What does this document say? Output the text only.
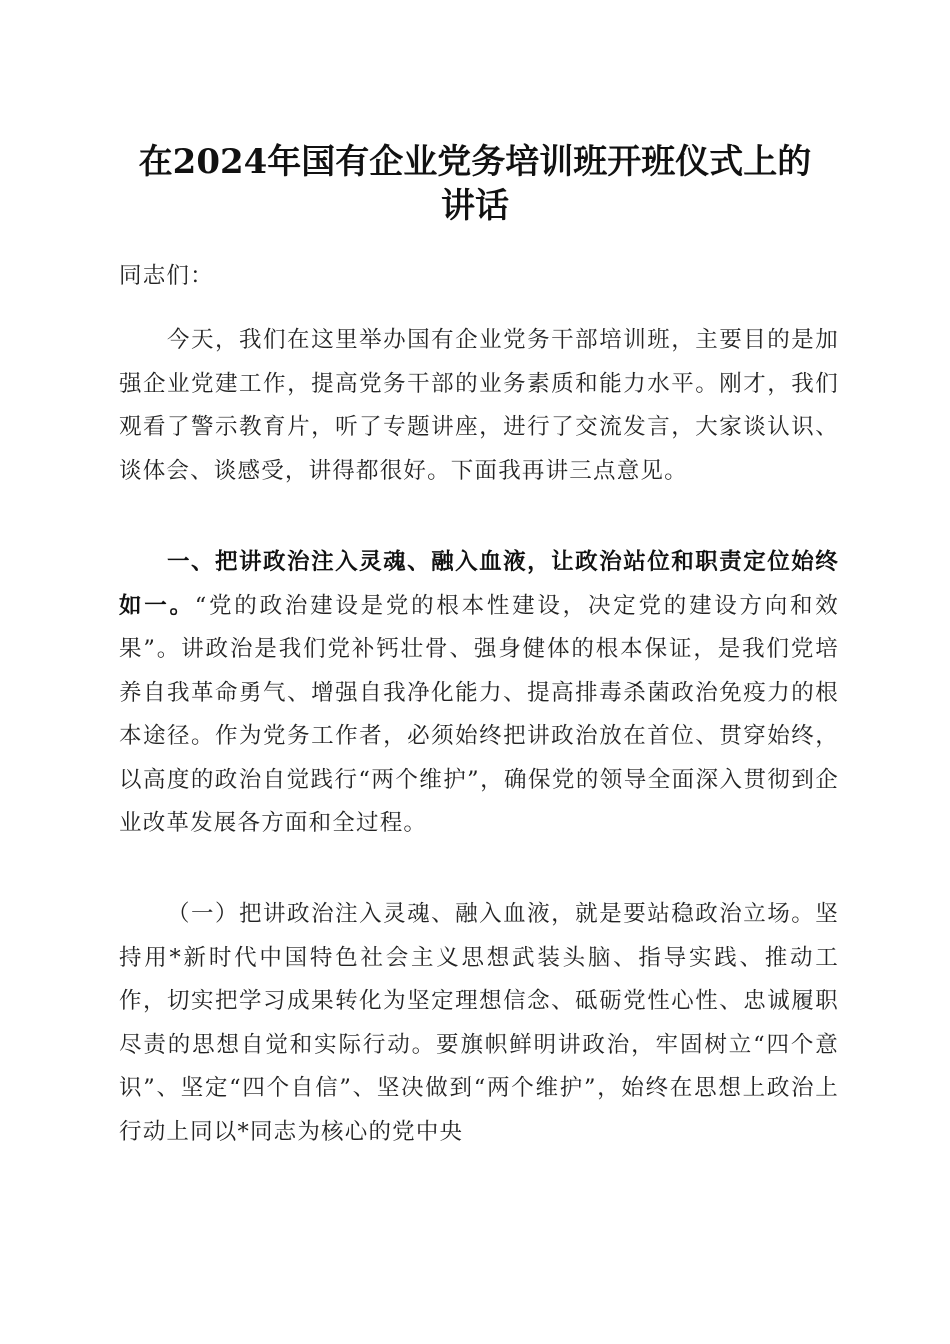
在2024年国有企业党务培训班开班仪式上的
讲话

同志们：

今天，我们在这里举办国有企业党务干部培训班，主要目的是加强企业党建工作，提高党务干部的业务素质和能力水平。刚才，我们观看了警示教育片，听了专题讲座，进行了交流发言，大家谈认识、谈体会、谈感受，讲得都很好。下面我再讲三点意见。

一、把讲政治注入灵魂、融入血液，让政治站位和职责定位始终如一。“党的政治建设是党的根本性建设，决定党的建设方向和效果”。讲政治是我们党补钙壮骨、强身健体的根本保证，是我们党培养自我革命勇气、增强自我净化能力、提高排毒杀菌政治免疫力的根本途径。作为党务工作者，必须始终把讲政治放在首位、贯穿始终，以高度的政治自觉践行“两个维护”，确保党的领导全面深入贯彻到企业改革发展各方面和全过程。

（一）把讲政治注入灵魂、融入血液，就是要站稳政治立场。坚持用*新时代中国特色社会主义思想武装头脑、指导实践、推动工作，切实把学习成果转化为坚定理想信念、砥砺党性心性、忠诚履职尽责的思想自觉和实际行动。要旗帜鲜明讲政治，牢固树立“四个意识”、坚定“四个自信”、坚决做到“两个维护”，始终在思想上政治上行动上同以*同志为核心的党中央
